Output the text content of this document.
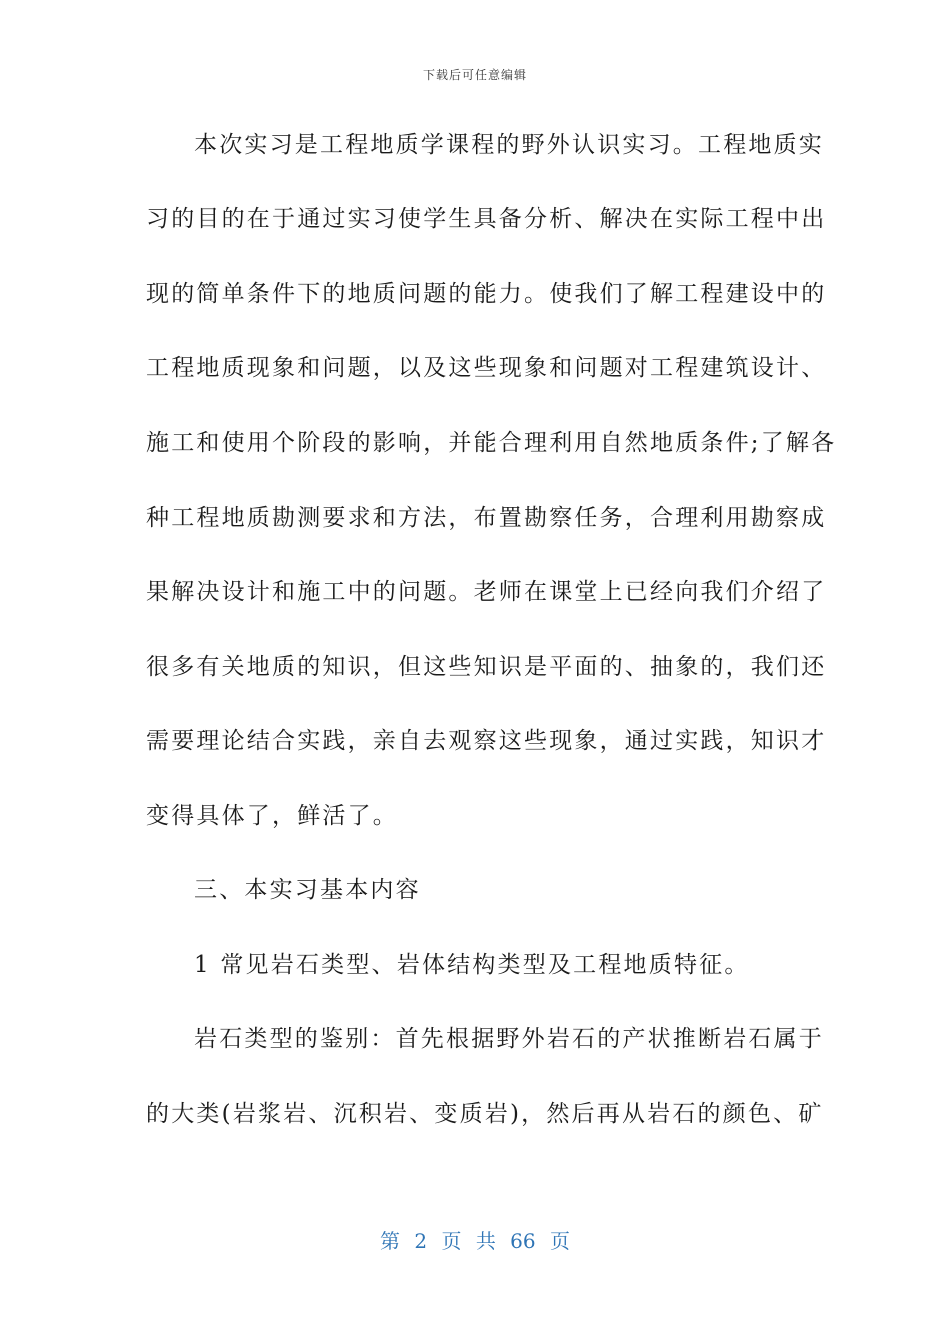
下载后可任意编辑
本次实习是工程地质学课程的野外认识实习。工程地质实
习的目的在于通过实习使学生具备分析、解决在实际工程中出
现的简单条件下的地质问题的能力。使我们了解工程建设中的
工程地质现象和问题，以及这些现象和问题对工程建筑设计、
施工和使用个阶段的影响，并能合理利用自然地质条件;了解各
种工程地质勘测要求和方法，布置勘察任务，合理利用勘察成
果解决设计和施工中的问题。老师在课堂上已经向我们介绍了
很多有关地质的知识，但这些知识是平面的、抽象的，我们还
需要理论结合实践，亲自去观察这些现象，通过实践，知识才
变得具体了，鲜活了。
三、本实习基本内容
1 常见岩石类型、岩体结构类型及工程地质特征。
岩石类型的鉴别：首先根据野外岩石的产状推断岩石属于
的大类(岩浆岩、沉积岩、变质岩)，然后再从岩石的颜色、矿
第 2 页 共 66 页
